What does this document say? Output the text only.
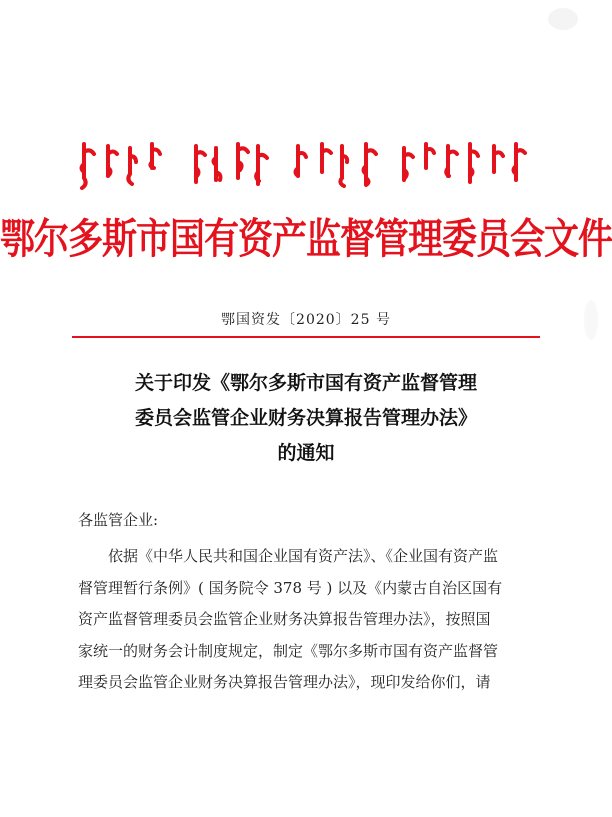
鄂尔多斯市国有资产监督管理委员会文件
鄂国资发〔2020〕25 号
关于印发《鄂尔多斯市国有资产监督管理
委员会监管企业财务决算报告管理办法》
的通知
各监管企业:
依据《中华人民共和国企业国有资产法》、《企业国有资产监
督管理暂行条例》( 国务院令 378 号 ) 以及《内蒙古自治区国有
资产监督管理委员会监管企业财务决算报告管理办法》，按照国
家统一的财务会计制度规定，制定《鄂尔多斯市国有资产监督管
理委员会监管企业财务决算报告管理办法》，现印发给你们，请
